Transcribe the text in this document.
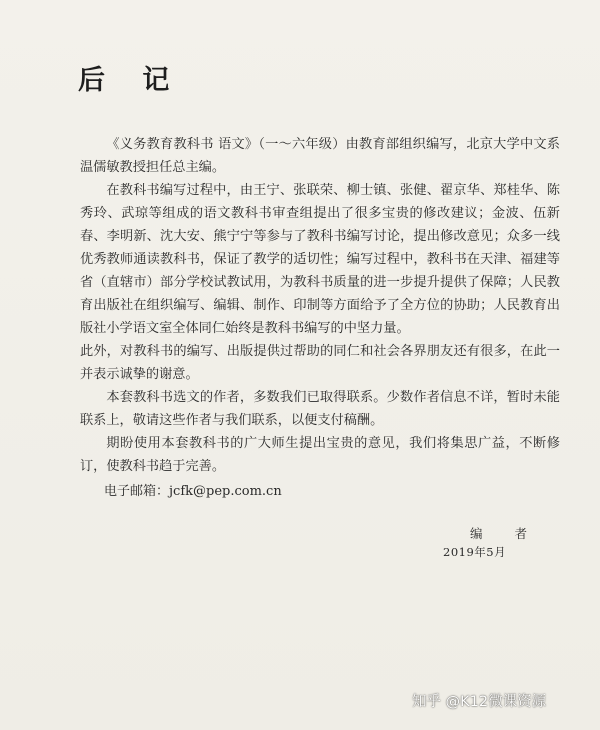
后 记

《义务教育教科书 语文》（一～六年级）由教育部组织编写，北京大学中文系温儒敏教授担任总主编。

在教科书编写过程中，由王宁、张联荣、柳士镇、张健、翟京华、郑桂华、陈秀玲、武琼等组成的语文教科书审查组提出了很多宝贵的修改建议；金波、伍新春、李明新、沈大安、熊宁宁等参与了教科书编写讨论，提出修改意见；众多一线优秀教师通读教科书，保证了教学的适切性；编写过程中，教科书在天津、福建等省（直辖市）部分学校试教试用，为教科书质量的进一步提升提供了保障；人民教育出版社在组织编写、编辑、制作、印制等方面给予了全方位的协助；人民教育出版社小学语文室全体同仁始终是教科书编写的中坚力量。

此外，对教科书的编写、出版提供过帮助的同仁和社会各界朋友还有很多，在此一并表示诚挚的谢意。

本套教科书选文的作者，多数我们已取得联系。少数作者信息不详，暂时未能联系上，敬请这些作者与我们联系，以便支付稿酬。

期盼使用本套教科书的广大师生提出宝贵的意见，我们将集思广益，不断修订，使教科书趋于完善。

电子邮箱：jcfk@pep.com.cn
编 者
2019年5月
知乎 @K12微课资源
